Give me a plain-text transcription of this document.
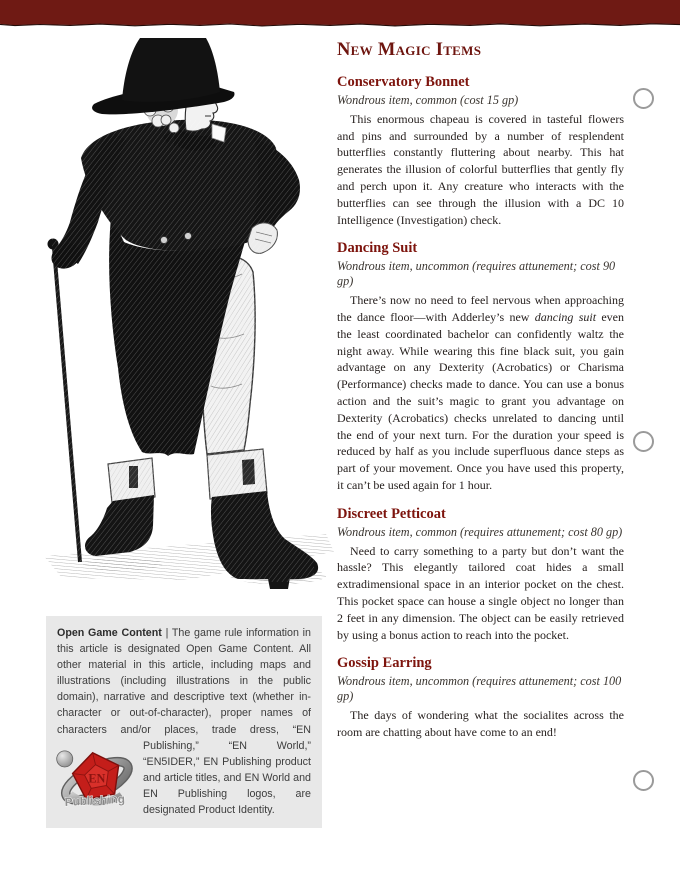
Open Game Content | The game rule information in this article is designated Open Game Content. All other material in this article, including maps and illustrations (including illustrations in the public domain), narrative and descriptive text (whether in-character or out-of-character), proper names of characters and/or places, trade dress, “EN Publishing,” “EN World,”
EN
Publishing
“EN5IDER,” EN Publishing product and article titles, and EN World and EN Publishing logos, are designated Product Identity.

New Magic Items
Conservatory Bonnet

Wondrous item, common (cost 15 gp)

This enormous chapeau is covered in tasteful flowers and pins and surrounded by a number of resplendent butterflies constantly fluttering about nearby. This hat generates the illusion of colorful butterflies that gently fly and perch upon it. Any creature who interacts with the butterflies can see through the illusion with a DC 10 Intelligence (Investigation) check.

Dancing Suit

Wondrous item, uncommon (requires attunement; cost 90 gp)

There’s now no need to feel nervous when approaching the dance floor—with Adderley’s new dancing suit even the least coordinated bachelor can confidently waltz the night away. While wearing this fine black suit, you gain advantage on any Dexterity (Acrobatics) or Charisma (Performance) checks made to dance. You can use a bonus action and the suit’s magic to grant you advantage on Dexterity (Acrobatics) checks unrelated to dancing until the end of your next turn. For the duration your speed is reduced by half as you include superfluous dance steps as part of your movement. Once you have used this property, it can’t be used again for 1 hour.

Discreet Petticoat

Wondrous item, common (requires attunement; cost 80 gp)

Need to carry something to a party but don’t want the hassle? This elegantly tailored coat hides a small extradimensional space in an interior pocket on the chest. This pocket space can house a single object no longer than 2 feet in any dimension. The object can be easily retrieved by using a bonus action to reach into the pocket.

Gossip Earring

Wondrous item, uncommon (requires attunement; cost 100 gp)

The days of wondering what the socialites across the room are chatting about have come to an end!
